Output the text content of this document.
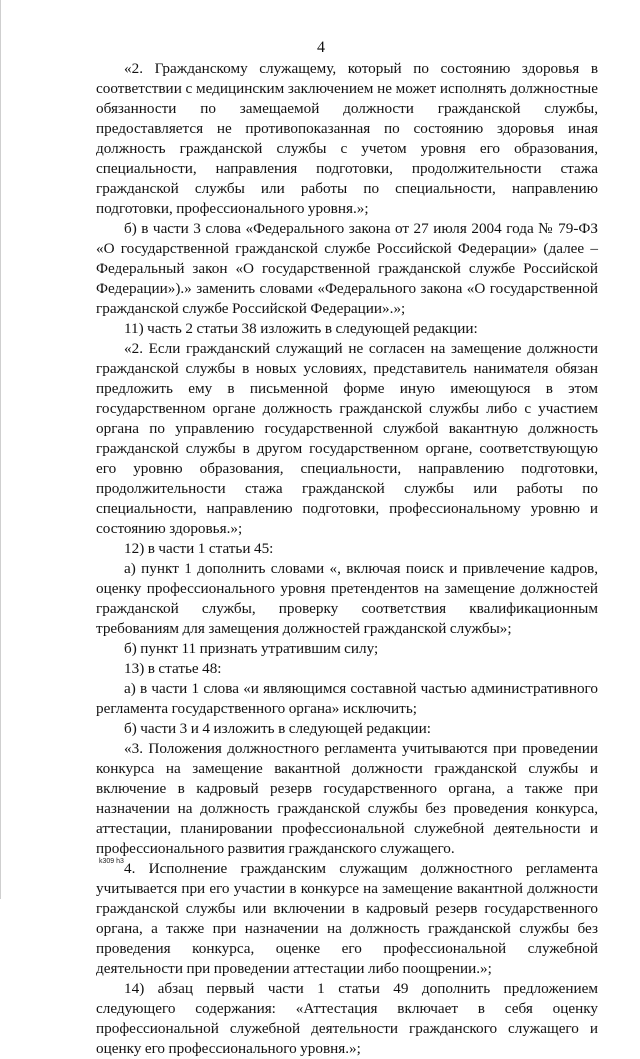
4

«2. Гражданскому служащему, который по состоянию здоровья в соответствии с медицинским заключением не может исполнять должностные обязанности по замещаемой должности гражданской службы, предоставляется не противопоказанная по состоянию здоровья иная должность гражданской службы с учетом уровня его образования, специальности, направления подготовки, продолжительности стажа гражданской службы или работы по специальности, направлению подготовки, профессионального уровня.»;

б) в части 3 слова «Федерального закона от 27 июля 2004 года № 79-ФЗ «О государственной гражданской службе Российской Федерации» (далее – Федеральный закон «О государственной гражданской службе Российской Федерации»).» заменить словами «Федерального закона «О государственной гражданской службе Российской Федерации».»;

11) часть 2 статьи 38 изложить в следующей редакции:

«2. Если гражданский служащий не согласен на замещение должности гражданской службы в новых условиях, представитель нанимателя обязан предложить ему в письменной форме иную имеющуюся в этом государственном органе должность гражданской службы либо с участием органа по управлению государственной службой вакантную должность гражданской службы в другом государственном органе, соответствующую его уровню образования, специальности, направлению подготовки, продолжительности стажа гражданской службы или работы по специальности, направлению подготовки, профессиональному уровню и состоянию здоровья.»;

12) в части 1 статьи 45:

а) пункт 1 дополнить словами «, включая поиск и привлечение кадров, оценку профессионального уровня претендентов на замещение должностей гражданской службы, проверку соответствия квалификационным требованиям для замещения должностей гражданской службы»;

б) пункт 11 признать утратившим силу;

13) в статье 48:

а) в части 1 слова «и являющимся составной частью административного регламента государственного органа» исключить;

б) части 3 и 4 изложить в следующей редакции:

«3. Положения должностного регламента учитываются при проведении конкурса на замещение вакантной должности гражданской службы и включение в кадровый резерв государственного органа, а также при назначении на должность гражданской службы без проведения конкурса, аттестации, планировании профессиональной служебной деятельности и профессионального развития гражданского служащего.

4. Исполнение гражданским служащим должностного регламента учитывается при его участии в конкурсе на замещение вакантной должности гражданской службы или включении в кадровый резерв государственного органа, а также при назначении на должность гражданской службы без проведения конкурса, оценке его профессиональной служебной деятельности при проведении аттестации либо поощрении.»;

14) абзац первый части 1 статьи 49 дополнить предложением следующего содержания: «Аттестация включает в себя оценку профессиональной служебной деятельности гражданского служащего и оценку его профессионального уровня.»;

k309 h3
